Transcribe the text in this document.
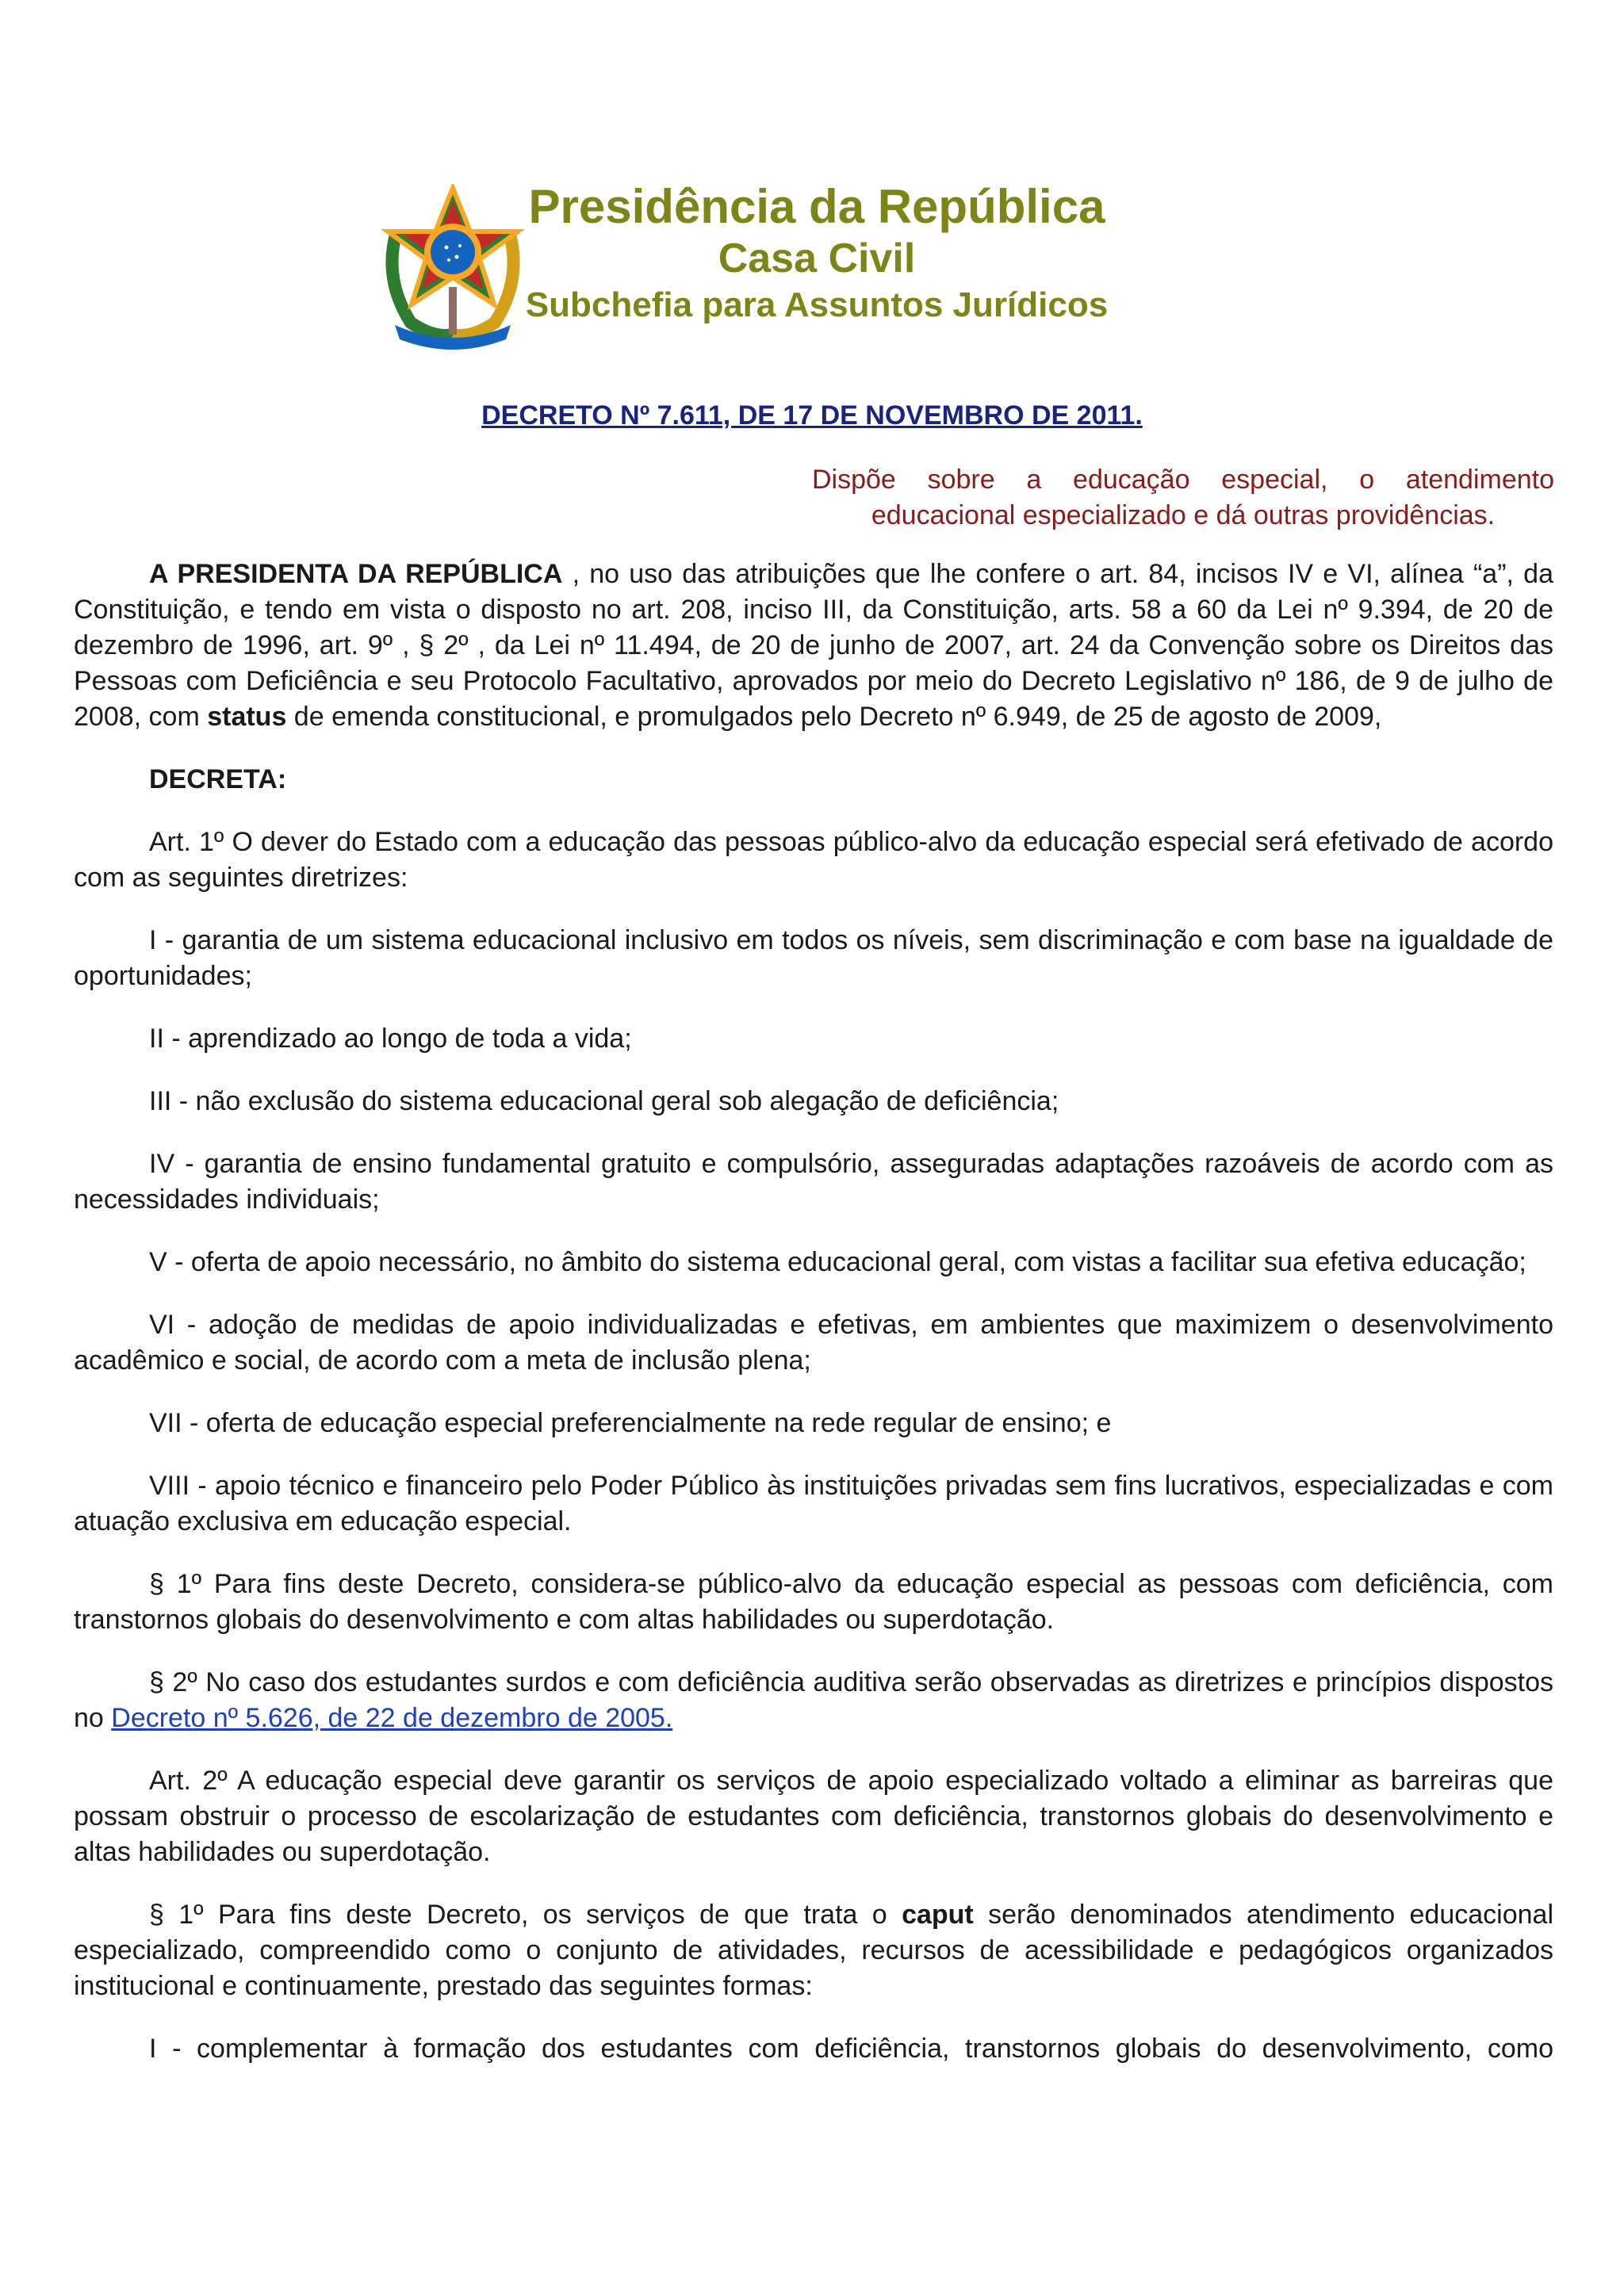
Presidência da República
Casa Civil
Subchefia para Assuntos Jurídicos
DECRETO Nº 7.611, DE 17 DE NOVEMBRO DE 2011.
Dispõe sobre a educação especial, o atendimento educacional especializado e dá outras providências.

A PRESIDENTA DA REPÚBLICA , no uso das atribuições que lhe confere o art. 84, incisos IV e VI, alínea “a”, da Constituição, e tendo em vista o disposto no art. 208, inciso III, da Constituição, arts. 58 a 60 da Lei nº 9.394, de 20 de dezembro de 1996, art. 9º , § 2º , da Lei nº 11.494, de 20 de junho de 2007, art. 24 da Convenção sobre os Direitos das Pessoas com Deficiência e seu Protocolo Facultativo, aprovados por meio do Decreto Legislativo nº 186, de 9 de julho de 2008, com status de emenda constitucional, e promulgados pelo Decreto nº 6.949, de 25 de agosto de 2009,

DECRETA:

Art. 1º O dever do Estado com a educação das pessoas público-alvo da educação especial será efetivado de acordo com as seguintes diretrizes:

I - garantia de um sistema educacional inclusivo em todos os níveis, sem discriminação e com base na igualdade de oportunidades;

II - aprendizado ao longo de toda a vida;

III - não exclusão do sistema educacional geral sob alegação de deficiência;

IV - garantia de ensino fundamental gratuito e compulsório, asseguradas adaptações razoáveis de acordo com as necessidades individuais;

V - oferta de apoio necessário, no âmbito do sistema educacional geral, com vistas a facilitar sua efetiva educação;

VI - adoção de medidas de apoio individualizadas e efetivas, em ambientes que maximizem o desenvolvimento acadêmico e social, de acordo com a meta de inclusão plena;

VII - oferta de educação especial preferencialmente na rede regular de ensino; e

VIII - apoio técnico e financeiro pelo Poder Público às instituições privadas sem fins lucrativos, especializadas e com atuação exclusiva em educação especial.

§ 1º Para fins deste Decreto, considera-se público-alvo da educação especial as pessoas com deficiência, com transtornos globais do desenvolvimento e com altas habilidades ou superdotação.

§ 2º No caso dos estudantes surdos e com deficiência auditiva serão observadas as diretrizes e princípios dispostos no Decreto nº 5.626, de 22 de dezembro de 2005.

Art. 2º A educação especial deve garantir os serviços de apoio especializado voltado a eliminar as barreiras que possam obstruir o processo de escolarização de estudantes com deficiência, transtornos globais do desenvolvimento e altas habilidades ou superdotação.

§ 1º Para fins deste Decreto, os serviços de que trata o caput serão denominados atendimento educacional especializado, compreendido como o conjunto de atividades, recursos de acessibilidade e pedagógicos organizados institucional e continuamente, prestado das seguintes formas:

I - complementar à formação dos estudantes com deficiência, transtornos globais do desenvolvimento, como
